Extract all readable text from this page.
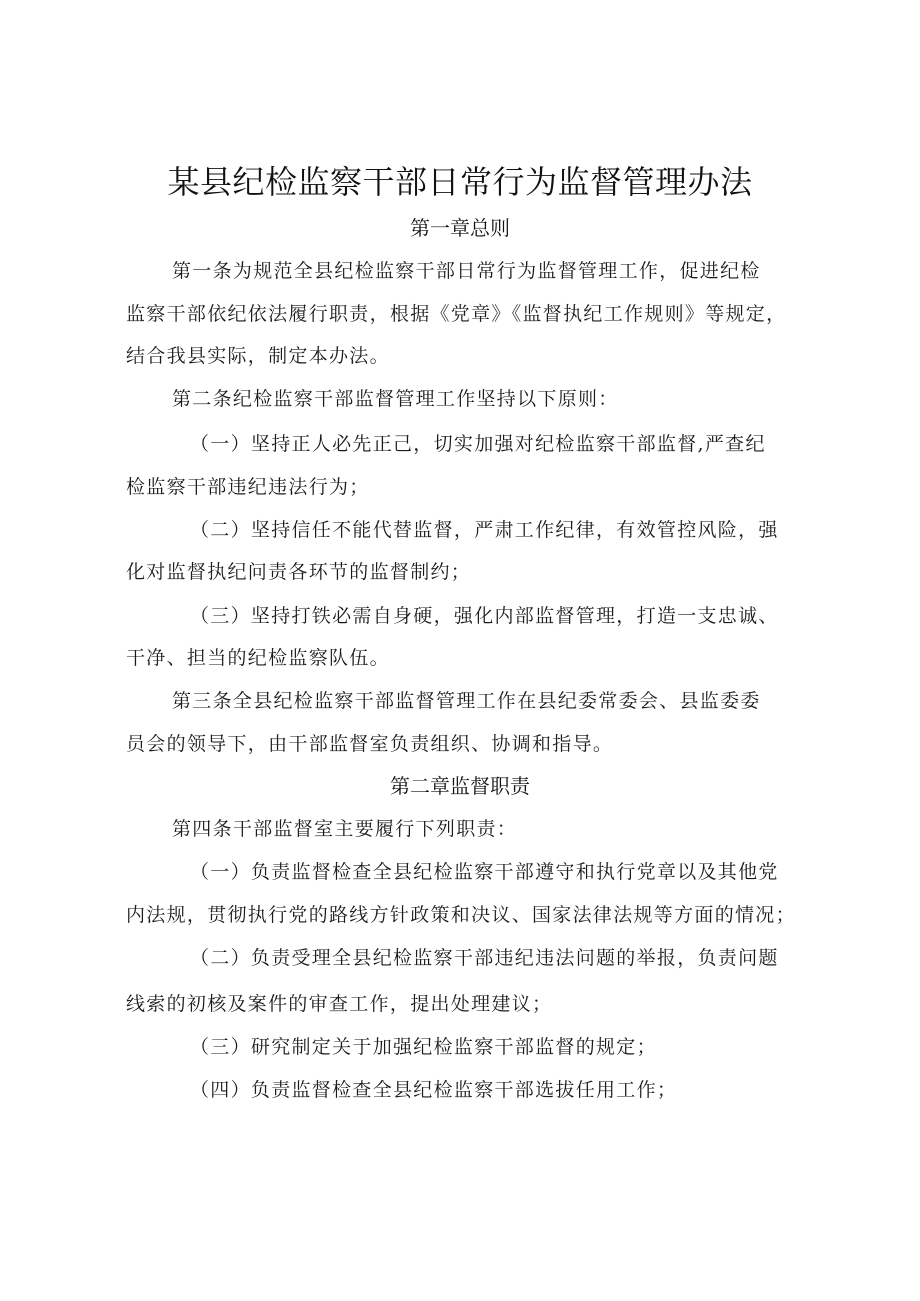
某县纪检监察干部日常行为监督管理办法
第一章总则
第一条为规范全县纪检监察干部日常行为监督管理工作，促进纪检
监察干部依纪依法履行职责，根据《党章》《监督执纪工作规则》等规定，
结合我县实际，制定本办法。
第二条纪检监察干部监督管理工作坚持以下原则：
（一）坚持正人必先正己，切实加强对纪检监察干部监督,严查纪
检监察干部违纪违法行为；
（二）坚持信任不能代替监督，严肃工作纪律，有效管控风险，强
化对监督执纪问责各环节的监督制约；
（三）坚持打铁必需自身硬，强化内部监督管理，打造一支忠诚、
干净、担当的纪检监察队伍。
第三条全县纪检监察干部监督管理工作在县纪委常委会、县监委委
员会的领导下，由干部监督室负责组织、协调和指导。
第二章监督职责
第四条干部监督室主要履行下列职责：
（一）负责监督检查全县纪检监察干部遵守和执行党章以及其他党
内法规，贯彻执行党的路线方针政策和决议、国家法律法规等方面的情况；
（二）负责受理全县纪检监察干部违纪违法问题的举报，负责问题
线索的初核及案件的审查工作，提出处理建议；
（三）研究制定关于加强纪检监察干部监督的规定；
（四）负责监督检查全县纪检监察干部选拔任用工作；
